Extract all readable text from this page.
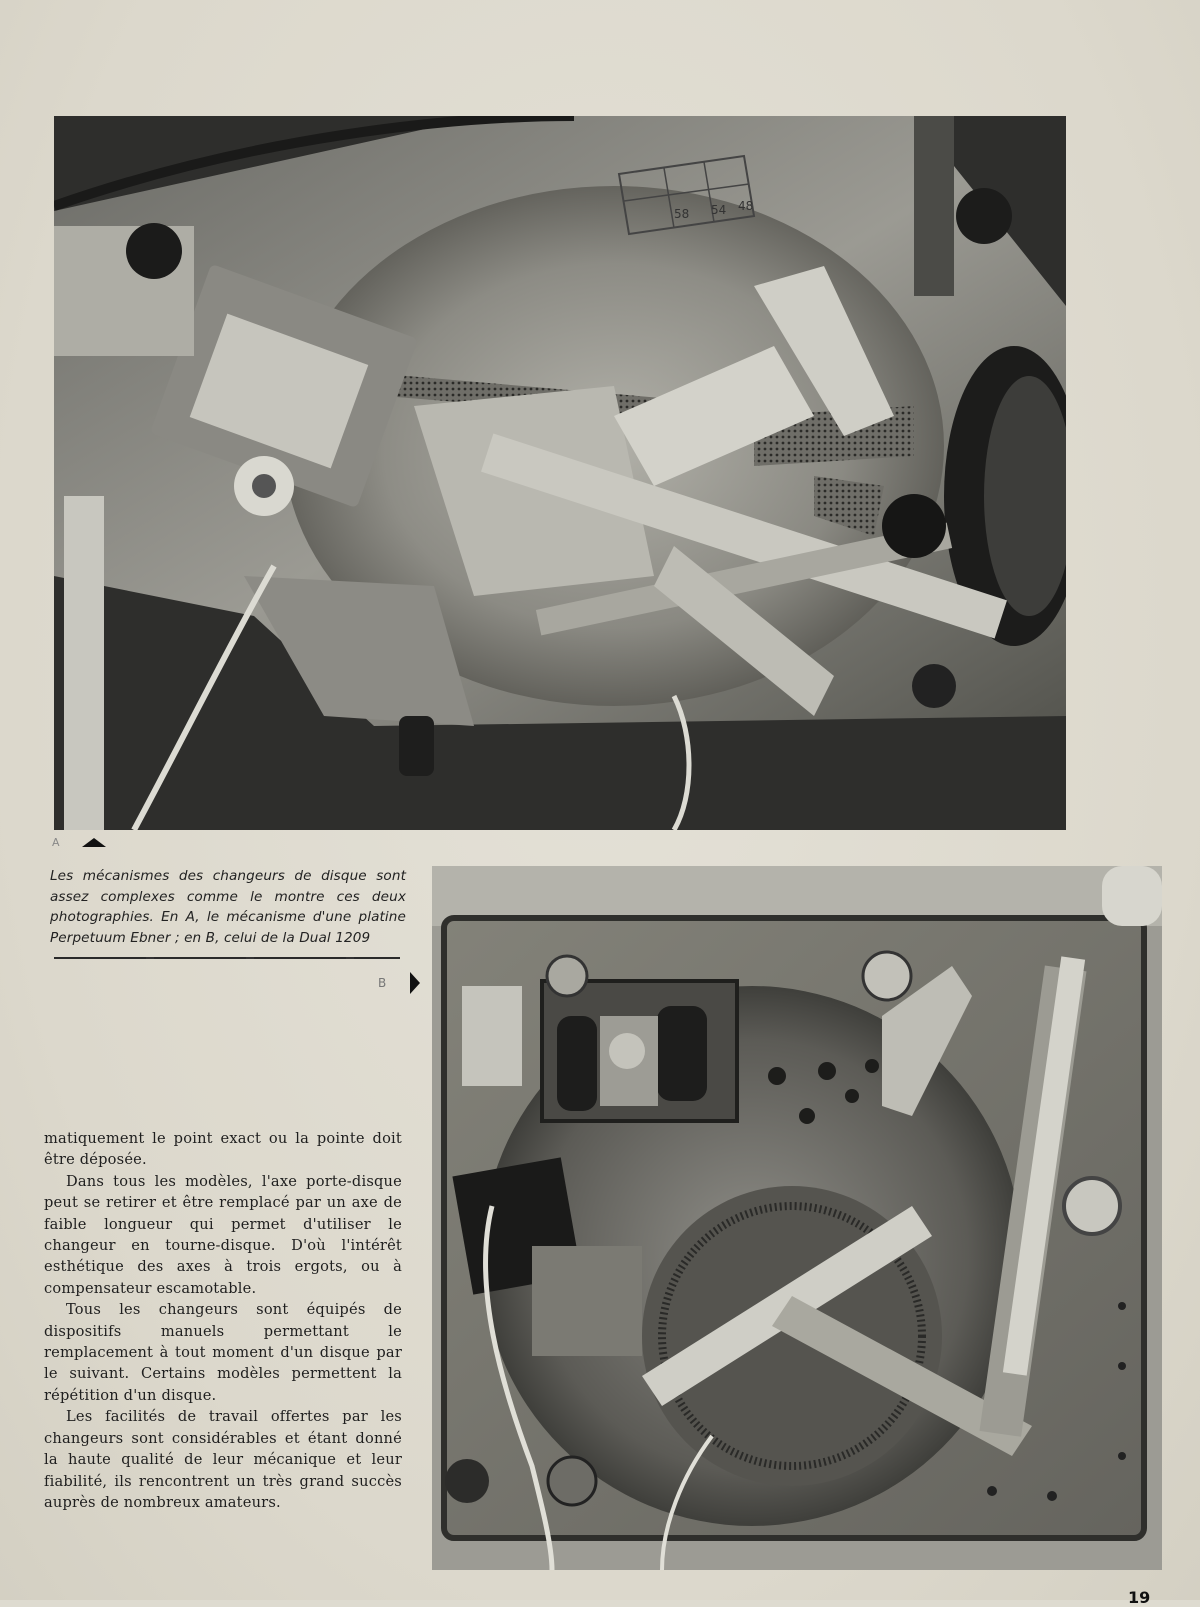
58 54 48
A

Les mécanismes des changeurs de disque sont assez complexes comme le montre ces deux photographies. En A, le mécanisme d'une platine Perpetuum Ebner ; en B, celui de la Dual 1209

B

matiquement le point exact ou la pointe doit être déposée.

Dans tous les modèles, l'axe porte-disque peut se retirer et être remplacé par un axe de faible longueur qui permet d'utiliser le changeur en tourne-disque. D'où l'intérêt esthétique des axes à trois ergots, ou à compensateur escamotable.

Tous les changeurs sont équipés de dispositifs manuels permettant le remplacement à tout moment d'un disque par le suivant. Certains modèles permettent la répétition d'un disque.

Les facilités de travail offertes par les changeurs sont considérables et étant donné la haute qualité de leur mécanique et leur fiabilité, ils rencontrent un très grand succès auprès de nombreux amateurs.

19
